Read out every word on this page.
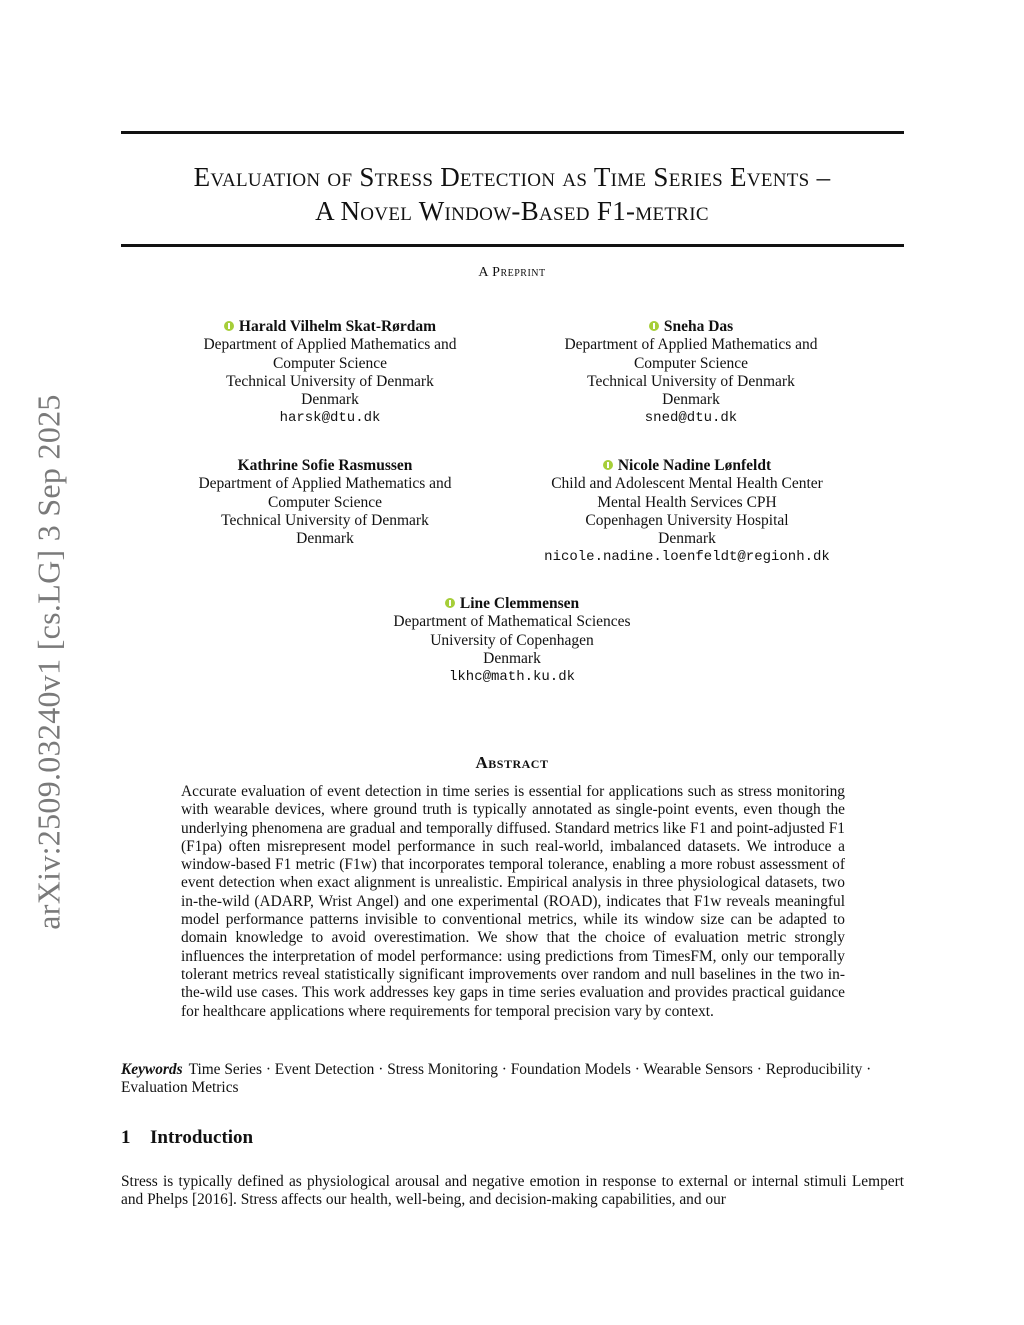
arXiv:2509.03240v1 [cs.LG] 3 Sep 2025
Evaluation of Stress Detection as Time Series Events –
A Novel Window-Based F1-metric
A Preprint
Harald Vilhelm Skat-Rørdam
Department of Applied Mathematics and
Computer Science
Technical University of Denmark
Denmark
harsk@dtu.dk
Sneha Das
Department of Applied Mathematics and
Computer Science
Technical University of Denmark
Denmark
sned@dtu.dk
Kathrine Sofie Rasmussen
Department of Applied Mathematics and
Computer Science
Technical University of Denmark
Denmark
Nicole Nadine Lønfeldt
Child and Adolescent Mental Health Center
Mental Health Services CPH
Copenhagen University Hospital
Denmark
nicole.nadine.loenfeldt@regionh.dk
Line Clemmensen
Department of Mathematical Sciences
University of Copenhagen
Denmark
lkhc@math.ku.dk
Abstract
Accurate evaluation of event detection in time series is essential for applications such as stress monitoring with wearable devices, where ground truth is typically annotated as single-point events, even though the underlying phenomena are gradual and temporally diffused. Standard metrics like F1 and point-adjusted F1 (F1pa) often misrepresent model performance in such real-world, imbalanced datasets. We introduce a window-based F1 metric (F1w) that incorporates temporal tolerance, enabling a more robust assessment of event detection when exact alignment is unrealistic. Empirical analysis in three physiological datasets, two in-the-wild (ADARP, Wrist Angel) and one experimental (ROAD), indicates that F1w reveals meaningful model performance patterns invisible to conventional metrics, while its window size can be adapted to domain knowledge to avoid overestimation. We show that the choice of evaluation metric strongly influences the interpretation of model performance: using predictions from TimesFM, only our temporally tolerant metrics reveal statistically significant improvements over random and null baselines in the two in-the-wild use cases. This work addresses key gaps in time series evaluation and provides practical guidance for healthcare applications where requirements for temporal precision vary by context.
Keywords Time Series · Event Detection · Stress Monitoring · Foundation Models · Wearable Sensors · Reproducibility · Evaluation Metrics
1 Introduction
Stress is typically defined as physiological arousal and negative emotion in response to external or internal stimuli Lempert and Phelps [2016]. Stress affects our health, well-being, and decision-making capabilities, and our
